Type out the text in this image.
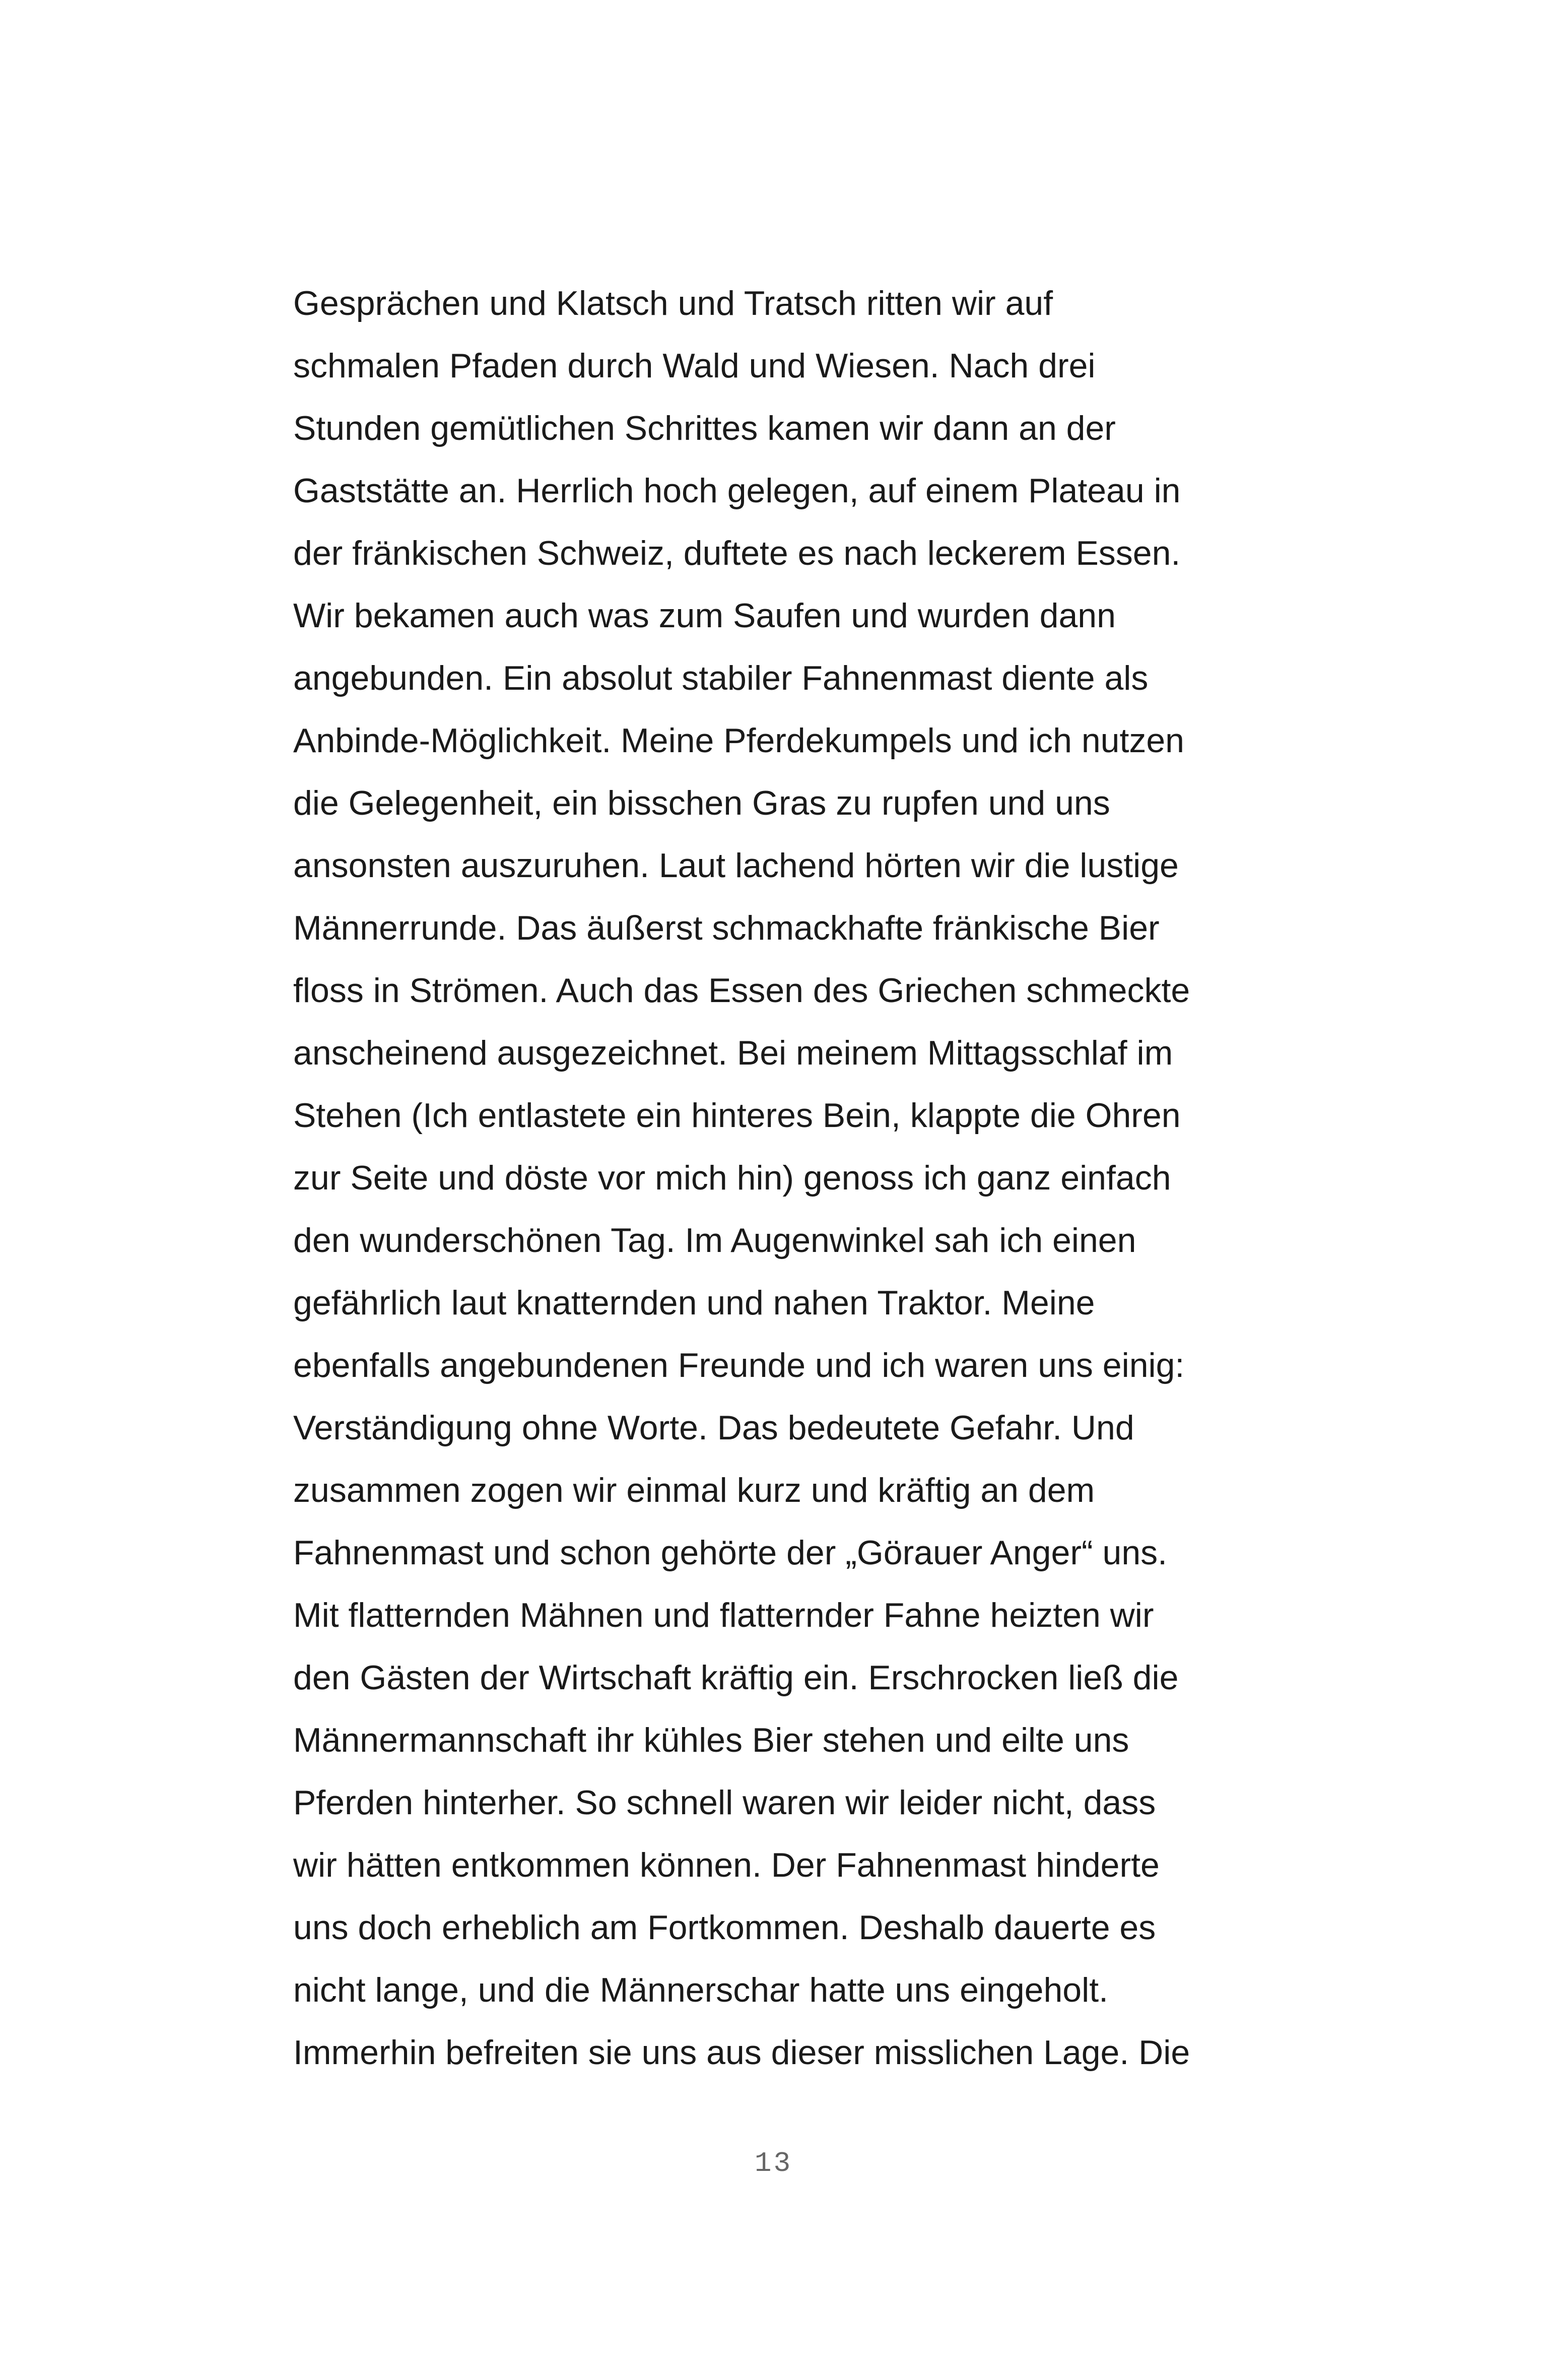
Gesprächen und Klatsch und Tratsch ritten wir auf
schmalen Pfaden durch Wald und Wiesen. Nach drei
Stunden gemütlichen Schrittes kamen wir dann an der
Gaststätte an. Herrlich hoch gelegen, auf einem Plateau in
der fränkischen Schweiz, duftete es nach leckerem Essen.
Wir bekamen auch was zum Saufen und wurden dann
angebunden. Ein absolut stabiler Fahnenmast diente als
Anbinde-Möglichkeit. Meine Pferdekumpels und ich nutzen
die Gelegenheit, ein bisschen Gras zu rupfen und uns
ansonsten auszuruhen. Laut lachend hörten wir die lustige
Männerrunde. Das äußerst schmackhafte fränkische Bier
floss in Strömen. Auch das Essen des Griechen schmeckte
anscheinend ausgezeichnet. Bei meinem Mittagsschlaf im
Stehen (Ich entlastete ein hinteres Bein, klappte die Ohren
zur Seite und döste vor mich hin) genoss ich ganz einfach
den wunderschönen Tag. Im Augenwinkel sah ich einen
gefährlich laut knatternden und nahen Traktor. Meine
ebenfalls angebundenen Freunde und ich waren uns einig:
Verständigung ohne Worte. Das bedeutete Gefahr. Und
zusammen zogen wir einmal kurz und kräftig an dem
Fahnenmast und schon gehörte der „Görauer Anger“ uns.
Mit flatternden Mähnen und flatternder Fahne heizten wir
den Gästen der Wirtschaft kräftig ein. Erschrocken ließ die
Männermannschaft ihr kühles Bier stehen und eilte uns
Pferden hinterher. So schnell waren wir leider nicht, dass
wir hätten entkommen können. Der Fahnenmast hinderte
uns doch erheblich am Fortkommen. Deshalb dauerte es
nicht lange, und die Männerschar hatte uns eingeholt.
Immerhin befreiten sie uns aus dieser misslichen Lage. Die
13
